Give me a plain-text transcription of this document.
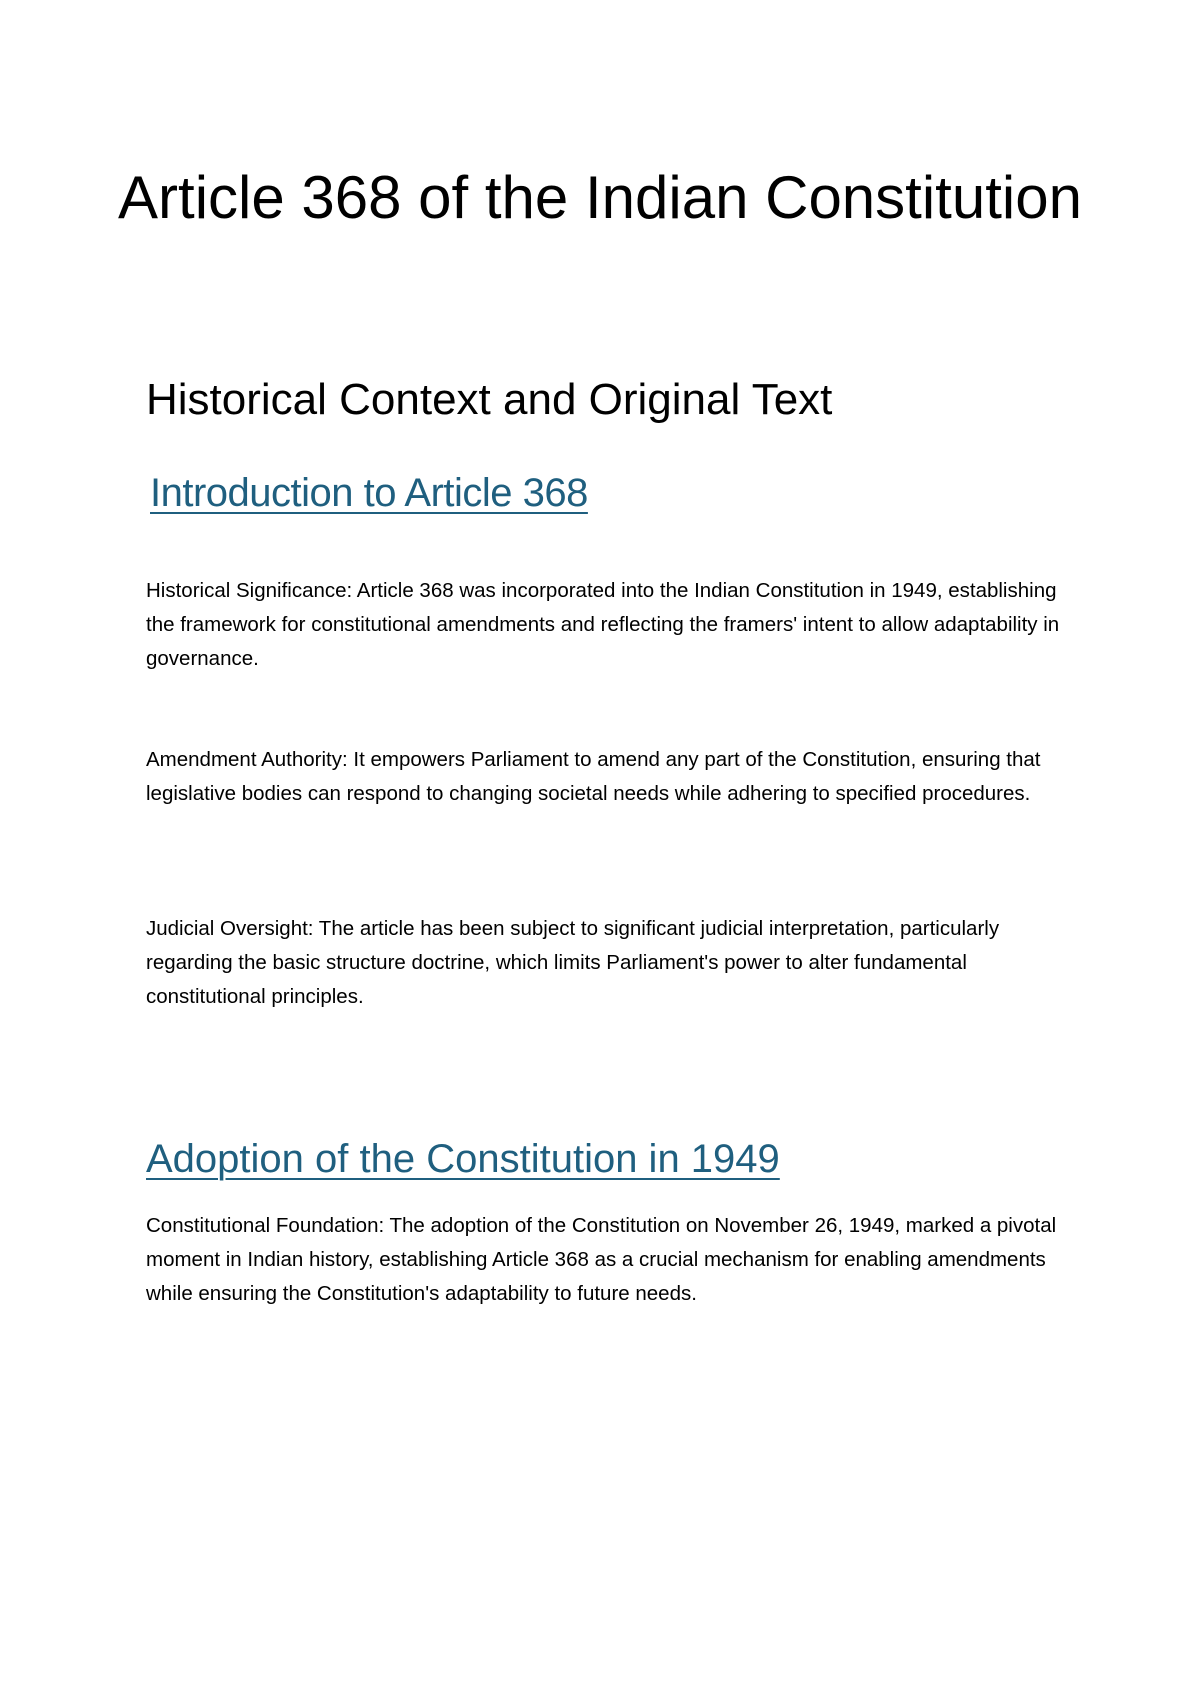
Article 368 of the Indian Constitution
Historical Context and Original Text
Introduction to Article 368

Historical Significance: Article 368 was incorporated into the Indian Constitution in 1949, establishing the framework for constitutional amendments and reflecting the framers' intent to allow adaptability in governance.

Amendment Authority: It empowers Parliament to amend any part of the Constitution, ensuring that legislative bodies can respond to changing societal needs while adhering to specified procedures.

Judicial Oversight: The article has been subject to significant judicial interpretation, particularly regarding the basic structure doctrine, which limits Parliament's power to alter fundamental constitutional principles.

Adoption of the Constitution in 1949

Constitutional Foundation: The adoption of the Constitution on November 26, 1949, marked a pivotal moment in Indian history, establishing Article 368 as a crucial mechanism for enabling amendments while ensuring the Constitution's adaptability to future needs.
